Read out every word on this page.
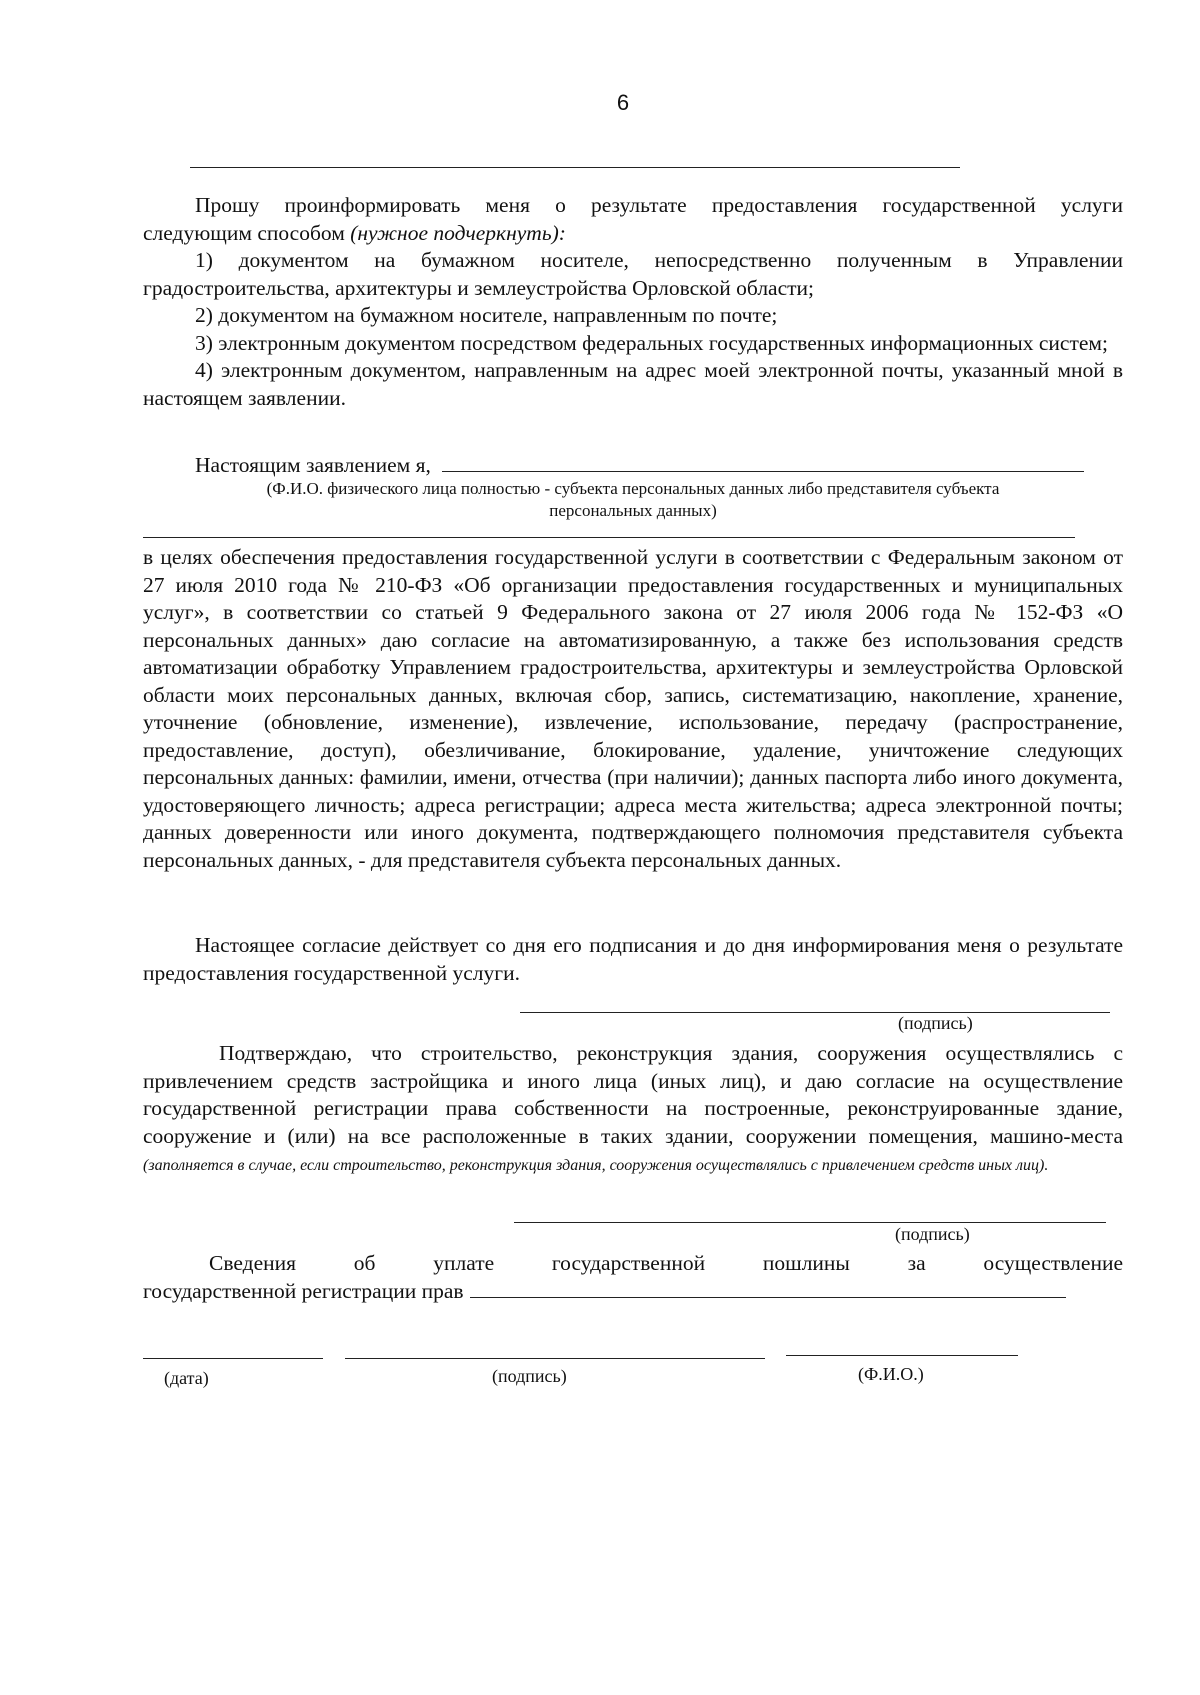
6
Прошу проинформировать меня о результате предоставления государственной услуги
следующим способом (нужное подчеркнуть):
1) документом на бумажном носителе, непосредственно полученным в Управлении градостроительства, архитектуры и землеустройства Орловской области;
2) документом на бумажном носителе, направленным по почте;
3) электронным документом посредством федеральных государственных информационных систем;
4) электронным документом, направленным на адрес моей электронной почты, указанный мной в настоящем заявлении.
Настоящим заявлением я,
(Ф.И.О. физического лица полностью - субъекта персональных данных либо представителя субъекта
персональных данных)
в целях обеспечения предоставления государственной услуги в соответствии с Федеральным законом от 27 июля 2010 года № 210-ФЗ «Об организации предоставления государственных и муниципальных услуг», в соответствии со статьей 9 Федерального закона от 27 июля 2006 года № 152-ФЗ «О персональных данных» даю согласие на автоматизированную, а также без использования средств автоматизации обработку Управлением градостроительства, архитектуры и землеустройства Орловской области моих персональных данных, включая сбор, запись, систематизацию, накопление, хранение, уточнение (обновление, изменение), извлечение, использование, передачу (распространение, предоставление, доступ), обезличивание, блокирование, удаление, уничтожение следующих персональных данных: фамилии, имени, отчества (при наличии); данных паспорта либо иного документа, удостоверяющего личность; адреса регистрации; адреса места жительства; адреса электронной почты; данных доверенности или иного документа, подтверждающего полномочия представителя субъекта персональных данных, - для представителя субъекта персональных данных.
Настоящее согласие действует со дня его подписания и до дня информирования меня о результате предоставления государственной услуги.
(подпись)
Подтверждаю, что строительство, реконструкция здания, сооружения осуществлялись с привлечением средств застройщика и иного лица (иных лиц), и даю согласие на осуществление государственной регистрации права собственности на построенные, реконструированные здание, сооружение и (или) на все расположенные в таких здании, сооружении помещения, машино-места (заполняется в случае, если строительство, реконструкция здания, сооружения осуществлялись с привлечением средств иных лиц).
(подпись)
Сведения об уплате государственной пошлины за осуществление
государственной регистрации прав
(дата)	(подпись)	(Ф.И.О.)
